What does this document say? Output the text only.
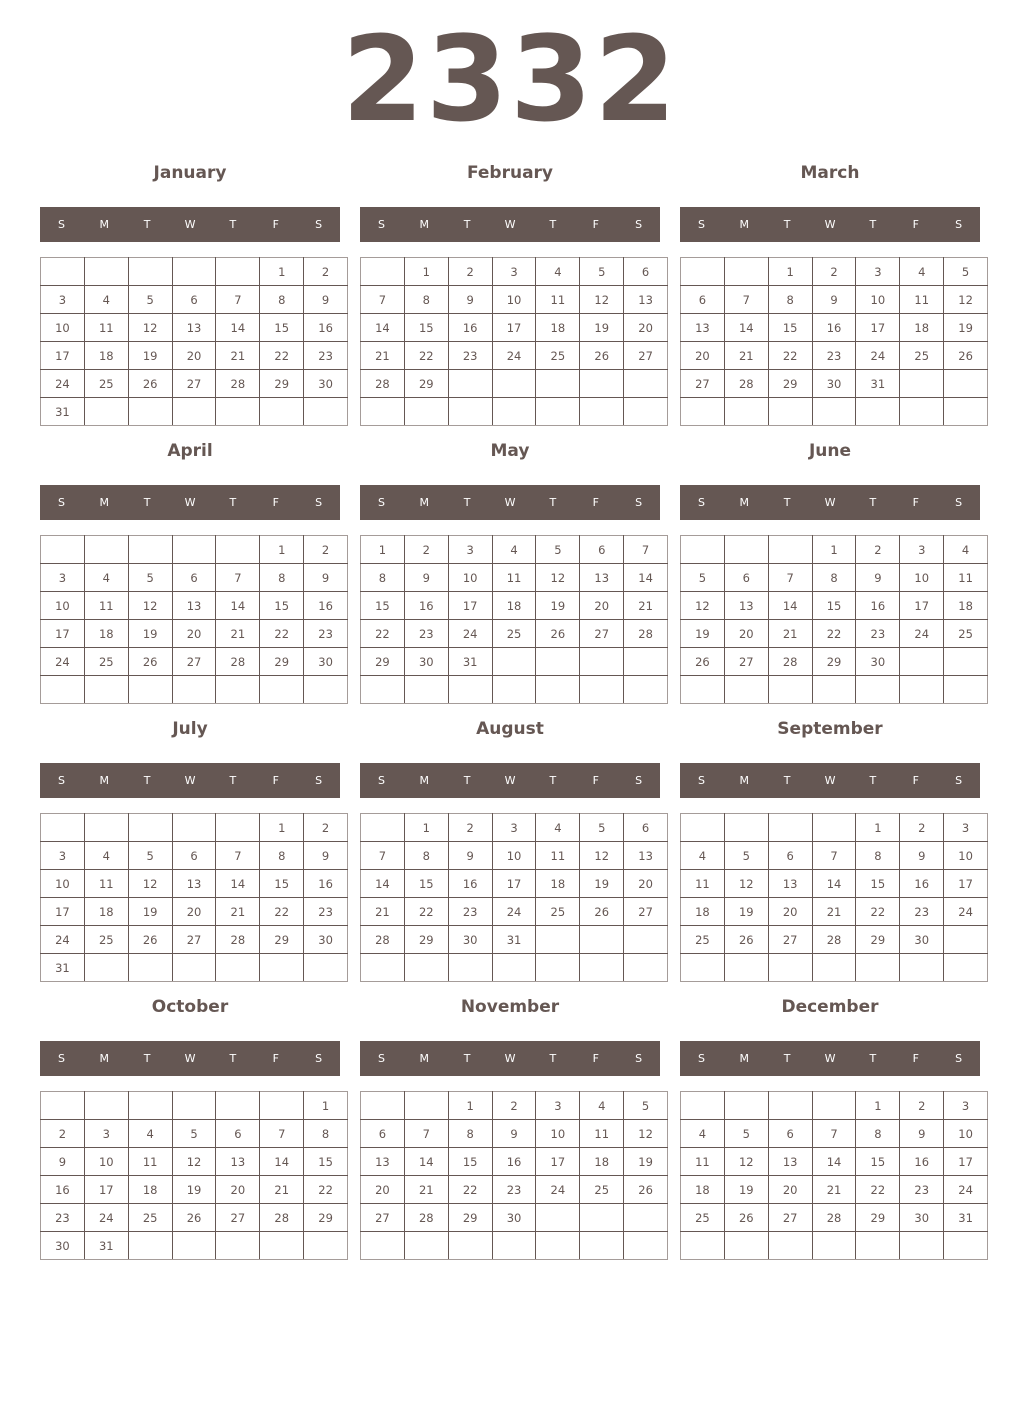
2332
January
S	M	T	W	T	F	S
					1	2
3	4	5	6	7	8	9
10	11	12	13	14	15	16
17	18	19	20	21	22	23
24	25	26	27	28	29	30
31						
February
S	M	T	W	T	F	S
	1	2	3	4	5	6
7	8	9	10	11	12	13
14	15	16	17	18	19	20
21	22	23	24	25	26	27
28	29					

March
S	M	T	W	T	F	S
		1	2	3	4	5
6	7	8	9	10	11	12
13	14	15	16	17	18	19
20	21	22	23	24	25	26
27	28	29	30	31		

April
S	M	T	W	T	F	S
					1	2
3	4	5	6	7	8	9
10	11	12	13	14	15	16
17	18	19	20	21	22	23
24	25	26	27	28	29	30

May
S	M	T	W	T	F	S
1	2	3	4	5	6	7
8	9	10	11	12	13	14
15	16	17	18	19	20	21
22	23	24	25	26	27	28
29	30	31				

June
S	M	T	W	T	F	S
			1	2	3	4
5	6	7	8	9	10	11
12	13	14	15	16	17	18
19	20	21	22	23	24	25
26	27	28	29	30		

July
S	M	T	W	T	F	S
					1	2
3	4	5	6	7	8	9
10	11	12	13	14	15	16
17	18	19	20	21	22	23
24	25	26	27	28	29	30
31						
August
S	M	T	W	T	F	S
	1	2	3	4	5	6
7	8	9	10	11	12	13
14	15	16	17	18	19	20
21	22	23	24	25	26	27
28	29	30	31			

September
S	M	T	W	T	F	S
				1	2	3
4	5	6	7	8	9	10
11	12	13	14	15	16	17
18	19	20	21	22	23	24
25	26	27	28	29	30	

October
S	M	T	W	T	F	S
						1
2	3	4	5	6	7	8
9	10	11	12	13	14	15
16	17	18	19	20	21	22
23	24	25	26	27	28	29
30	31					
November
S	M	T	W	T	F	S
		1	2	3	4	5
6	7	8	9	10	11	12
13	14	15	16	17	18	19
20	21	22	23	24	25	26
27	28	29	30			

December
S	M	T	W	T	F	S
				1	2	3
4	5	6	7	8	9	10
11	12	13	14	15	16	17
18	19	20	21	22	23	24
25	26	27	28	29	30	31
